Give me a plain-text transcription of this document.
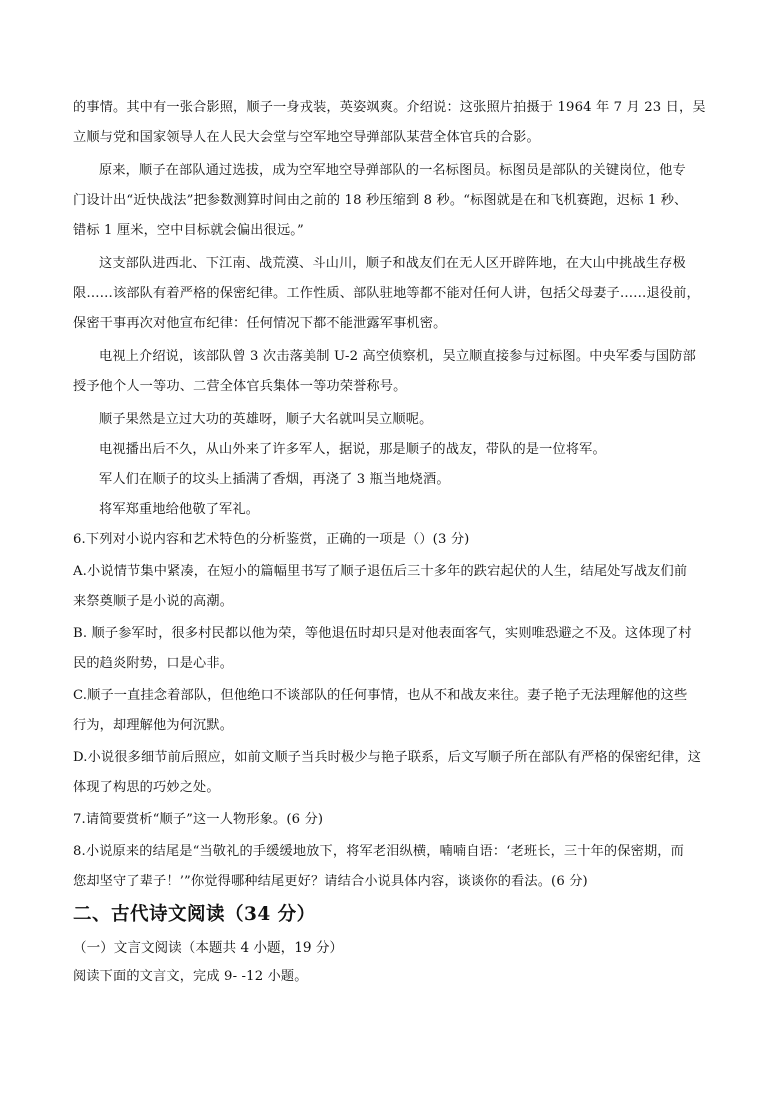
的事情。其中有一张合影照，顺子一身戎装，英姿飒爽。介绍说：这张照片拍摄于 1964 年 7 月 23 日，吴
立顺与党和国家领导人在人民大会堂与空军地空导弹部队某营全体官兵的合影。
原来，顺子在部队通过选拔，成为空军地空导弹部队的一名标图员。标图员是部队的关键岗位，他专
门设计出“近快战法”把参数测算时间由之前的 18 秒压缩到 8 秒。“标图就是在和飞机赛跑，迟标 1 秒、
错标 1 厘米，空中目标就会偏出很远。”
这支部队进西北、下江南、战荒漠、斗山川，顺子和战友们在无人区开辟阵地，在大山中挑战生存极
限……该部队有着严格的保密纪律。工作性质、部队驻地等都不能对任何人讲，包括父母妻子……退役前，
保密干事再次对他宣布纪律：任何情况下都不能泄露军事机密。
电视上介绍说，该部队曾 3 次击落美制 U-2 高空侦察机，吴立顺直接参与过标图。中央军委与国防部
授予他个人一等功、二营全体官兵集体一等功荣誉称号。
顺子果然是立过大功的英雄呀，顺子大名就叫吴立顺呢。
电视播出后不久，从山外来了许多军人，据说，那是顺子的战友，带队的是一位将军。
军人们在顺子的坟头上插满了香烟，再浇了 3 瓶当地烧酒。
将军郑重地给他敬了军礼。
6.下列对小说内容和艺术特色的分析鉴赏，正确的一项是（）(3 分)
A.小说情节集中紧凑，在短小的篇幅里书写了顺子退伍后三十多年的跌宕起伏的人生，结尾处写战友们前
来祭奠顺子是小说的高潮。
B. 顺子参军时，很多村民都以他为荣，等他退伍时却只是对他表面客气，实则唯恐避之不及。这体现了村
民的趋炎附势，口是心非。
C.顺子一直挂念着部队，但他绝口不谈部队的任何事情，也从不和战友来往。妻子艳子无法理解他的这些
行为，却理解他为何沉默。
D.小说很多细节前后照应，如前文顺子当兵时极少与艳子联系，后文写顺子所在部队有严格的保密纪律，这
体现了构思的巧妙之处。
7.请简要赏析“顺子”这一人物形象。(6 分)
8.小说原来的结尾是“当敬礼的手缓缓地放下，将军老泪纵横，喃喃自语：‘老班长，三十年的保密期，而
您却坚守了辈子！’”你觉得哪种结尾更好？请结合小说具体内容，谈谈你的看法。(6 分)
二、古代诗文阅读（34 分）
（一）文言文阅读（本题共 4 小题，19 分）
阅读下面的文言文，完成 9- -12 小题。
